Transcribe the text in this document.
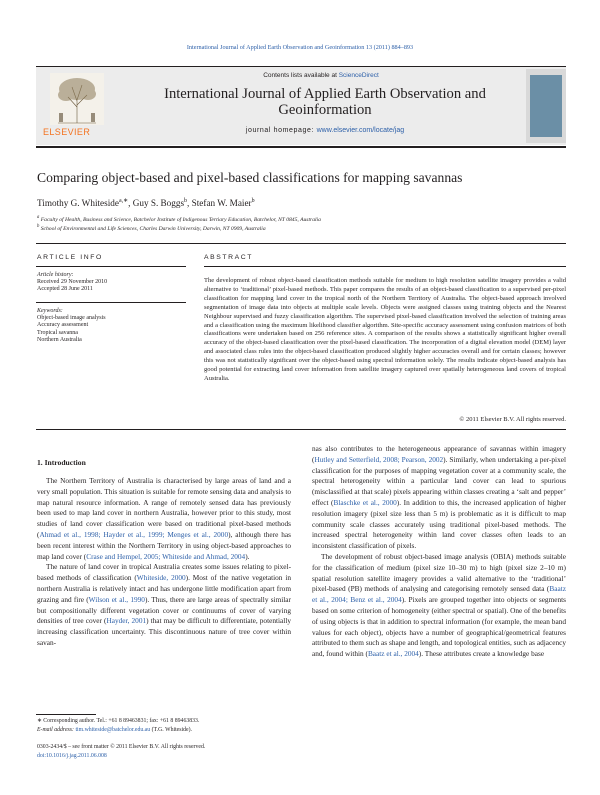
International Journal of Applied Earth Observation and Geoinformation 13 (2011) 884–893
ELSEVIER
Contents lists available at ScienceDirect
International Journal of Applied Earth Observation and Geoinformation
journal homepage: www.elsevier.com/locate/jag
Comparing object-based and pixel-based classifications for mapping savannas
Timothy G. Whiteside$^{a,∗}$, Guy S. Boggs$^b$, Stefan W. Maier$^b$
$^a$ Faculty of Health, Business and Science, Batchelor Institute of Indigenous Tertiary Education, Batchelor, NT 0845, Australia
$^b$ School of Environmental and Life Sciences, Charles Darwin University, Darwin, NT 0909, Australia
ARTICLE INFO	ABSTRACT
Article history:
Received 29 November 2010
Accepted 28 June 2011
Keywords:
Object-based image analysis
Accuracy assessment
Tropical savanna
Northern Australia
The development of robust object-based classification methods suitable for medium to high resolution satellite imagery provides a valid alternative to ‘traditional’ pixel-based methods. This paper compares the results of an object-based classification to a supervised per-pixel classification for mapping land cover in the tropical north of the Northern Territory of Australia. The object-based approach involved segmentation of image data into objects at multiple scale levels. Objects were assigned classes using training objects and the Nearest Neighbour supervised and fuzzy classification algorithm. The supervised pixel-based classification involved the selection of training areas and a classification using the maximum likelihood classifier algorithm. Site-specific accuracy assessment using confusion matrices of both classifications were undertaken based on 256 reference sites. A comparison of the results shows a statistically significant higher overall accuracy of the object-based classification over the pixel-based classification. The incorporation of a digital elevation model (DEM) layer and associated class rules into the object-based classification produced slightly higher accuracies overall and for certain classes; however this was not statistically significant over the object-based using spectral information solely. The results indicate object-based analysis has good potential for extracting land cover information from satellite imagery captured over spatially heterogeneous land covers of tropical Australia.
© 2011 Elsevier B.V. All rights reserved.
1. Introduction

The Northern Territory of Australia is characterised by large areas of land and a very small population. This situation is suitable for remote sensing data and analysis to map natural resource information. A range of remotely sensed data has previously been used to map land cover in northern Australia, however prior to this study, most studies of land cover classification were based on traditional pixel-based methods (Ahmad et al., 1998; Hayder et al., 1999; Menges et al., 2000), although there has been recent interest within the Northern Territory in using object-based approaches to map land cover (Crase and Hempel, 2005; Whiteside and Ahmad, 2004).

The nature of land cover in tropical Australia creates some issues relating to pixel-based methods of classification (Whiteside, 2000). Most of the native vegetation in northern Australia is relatively intact and has undergone little modification apart from grazing and fire (Wilson et al., 1990). Thus, there are large areas of spectrally similar but compositionally different vegetation cover or continuums of cover of varying densities of tree cover (Hayder, 2001) that may be difficult to differentiate, potentially increasing classification uncertainty. This discontinuous nature of tree cover within savan-

nas also contributes to the heterogeneous appearance of savannas within imagery (Hutley and Setterfield, 2008; Pearson, 2002). Similarly, when undertaking a per-pixel classification for the purposes of mapping vegetation cover at a community scale, the spectral heterogeneity within a particular land cover can lead to spurious (misclassified at that scale) pixels appearing within classes creating a ‘salt and pepper’ effect (Blaschke et al., 2000). In addition to this, the increased application of higher resolution imagery (pixel size less than 5 m) is problematic as it is difficult to map community scale classes accurately using traditional pixel-based methods. The increased spectral heterogeneity within land cover classes often leads to an inconsistent classification of pixels.

The development of robust object-based image analysis (OBIA) methods suitable for the classification of medium (pixel size 10–30 m) to high (pixel size 2–10 m) spatial resolution satellite imagery provides a valid alternative to the ‘traditional’ pixel-based (PB) methods of analysing and categorising remotely sensed data (Baatz et al., 2004; Benz et al., 2004). Pixels are grouped together into objects or segments based on some criterion of homogeneity (either spectral or spatial). One of the benefits of using objects is that in addition to spectral information (for example, the mean band values for each object), objects have a number of geographical/geometrical features attributed to them such as shape and length, and topological entities, such as adjacency and, found within (Baatz et al., 2004). These attributes create a knowledge base

∗ Corresponding author. Tel.: +61 8 89463831; fax: +61 8 89463833.
E-mail address: tim.whiteside@batchelor.edu.au (T.G. Whiteside).
0303-2434/$ – see front matter © 2011 Elsevier B.V. All rights reserved.
doi:10.1016/j.jag.2011.06.008
